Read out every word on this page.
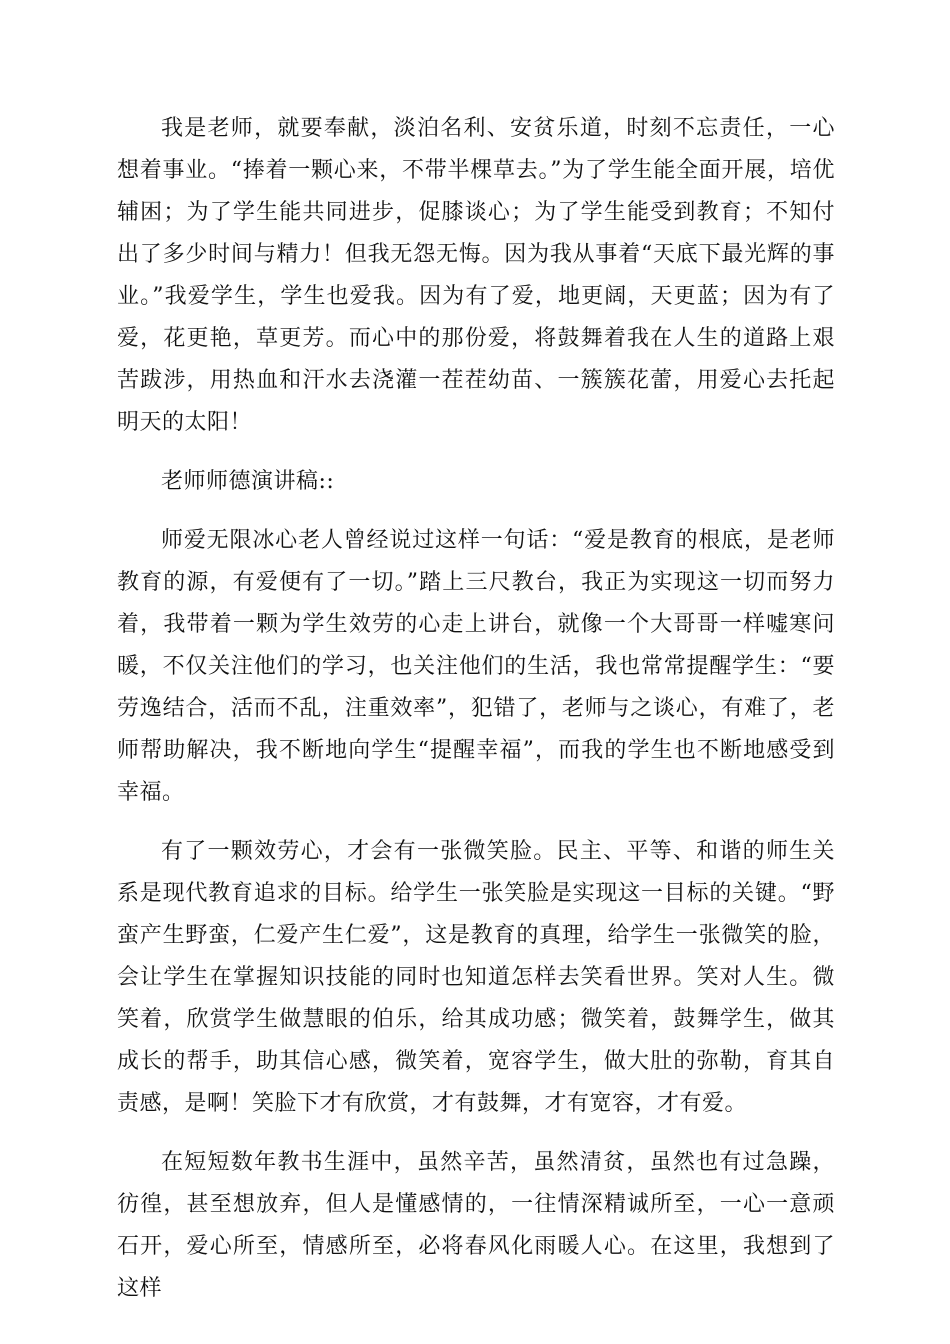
我是老师，就要奉献，淡泊名利、安贫乐道，时刻不忘责任，一心想着事业。“捧着一颗心来，不带半棵草去。”为了学生能全面开展，培优辅困；为了学生能共同进步，促膝谈心；为了学生能受到教育；不知付出了多少时间与精力！但我无怨无悔。因为我从事着“天底下最光辉的事业。”我爱学生，学生也爱我。因为有了爱，地更阔，天更蓝；因为有了爱，花更艳，草更芳。而心中的那份爱，将鼓舞着我在人生的道路上艰苦跋涉，用热血和汗水去浇灌一茬茬幼苗、一簇簇花蕾，用爱心去托起明天的太阳！

老师师德演讲稿::

师爱无限冰心老人曾经说过这样一句话：“爱是教育的根底，是老师教育的源，有爱便有了一切。”踏上三尺教台，我正为实现这一切而努力着，我带着一颗为学生效劳的心走上讲台，就像一个大哥哥一样嘘寒问暖，不仅关注他们的学习，也关注他们的生活，我也常常提醒学生：“要劳逸结合，活而不乱，注重效率”，犯错了，老师与之谈心，有难了，老师帮助解决，我不断地向学生“提醒幸福”，而我的学生也不断地感受到幸福。

有了一颗效劳心，才会有一张微笑脸。民主、平等、和谐的师生关系是现代教育追求的目标。给学生一张笑脸是实现这一目标的关键。“野蛮产生野蛮，仁爱产生仁爱”，这是教育的真理，给学生一张微笑的脸，会让学生在掌握知识技能的同时也知道怎样去笑看世界。笑对人生。微笑着，欣赏学生做慧眼的伯乐，给其成功感；微笑着，鼓舞学生，做其成长的帮手，助其信心感，微笑着，宽容学生，做大肚的弥勒，育其自责感，是啊！笑脸下才有欣赏，才有鼓舞，才有宽容，才有爱。

在短短数年教书生涯中，虽然辛苦，虽然清贫，虽然也有过急躁，彷徨，甚至想放弃，但人是懂感情的，一往情深精诚所至，一心一意顽石开，爱心所至，情感所至，必将春风化雨暖人心。在这里，我想到了这样
